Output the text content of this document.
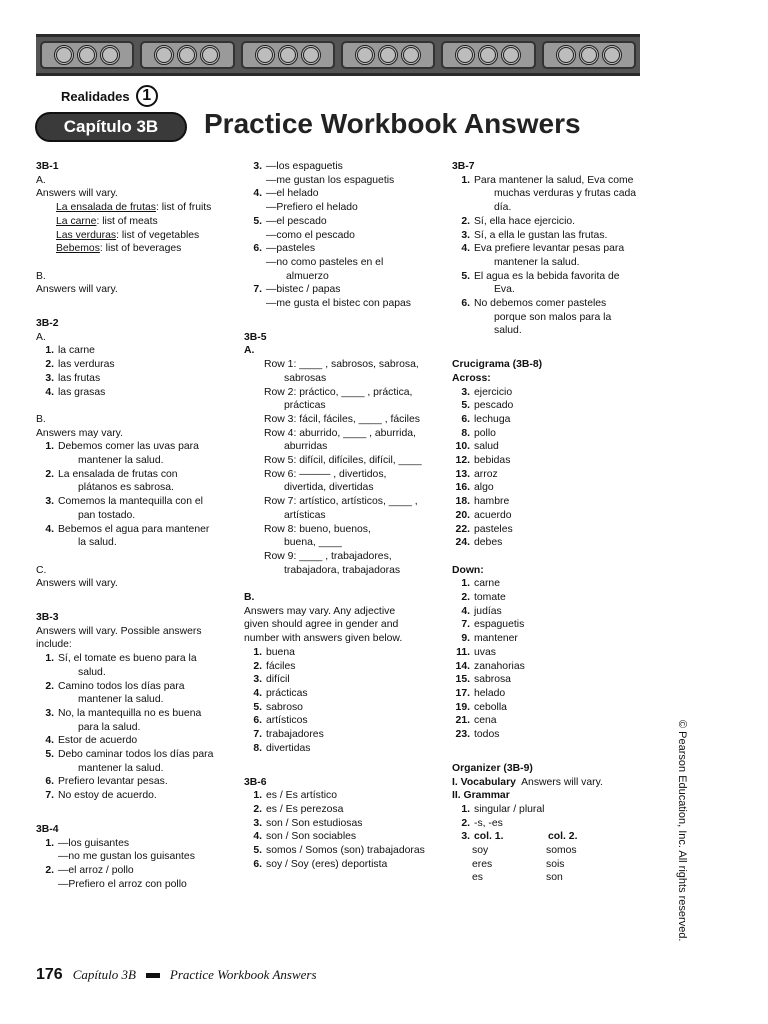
Realidades 1
Capítulo 3B	Practice Workbook Answers
3B-1
A.
Answers will vary.
La ensalada de frutas: list of fruits
La carne: list of meats
Las verduras: list of vegetables
Bebemos: list of beverages
B.
Answers will vary.
3B-2
A.
1. la carne
2. las verduras
3. las frutas
4. las grasas
B.
Answers may vary.
1. Debemos comer las uvas para
mantener la salud.
2. La ensalada de frutas con
plátanos es sabrosa.
3. Comemos la mantequilla con el
pan tostado.
4. Bebemos el agua para mantener
la salud.
C.
Answers will vary.
3B-3
Answers will vary. Possible answers
include:
1. Sí, el tomate es bueno para la
salud.
2. Camino todos los días para
mantener la salud.
3. No, la mantequilla no es buena
para la salud.
4. Estor de acuerdo
5. Debo caminar todos los días para
mantener la salud.
6. Prefiero levantar pesas.
7. No estoy de acuerdo.
3B-4
1. —los guisantes
—no me gustan los guisantes
2. —el arroz / pollo
—Prefiero el arroz con pollo
3. —los espaguetis
—me gustan los espaguetis
4. —el helado
—Prefiero el helado
5. —el pescado
—como el pescado
6. —pasteles
—no como pasteles en el
almuerzo
7. —bistec / papas
—me gusta el bistec con papas
3B-5
A.
Row 1: ____ , sabrosos, sabrosa,
sabrosas
Row 2: práctico, ____ , práctica,
prácticas
Row 3: fácil, fáciles, ____ , fáciles
Row 4: aburrido, ____ , aburrida,
aburridas
Row 5: difícil, difíciles, difícil, ____
Row 6: ——— , divertidos,
divertida, divertidas
Row 7: artístico, artísticos, ____ ,
artísticas
Row 8: bueno, buenos,
buena, ____
Row 9: ____ , trabajadores,
trabajadora, trabajadoras
B.
Answers may vary. Any adjective
given should agree in gender and
number with answers given below.
1. buena
2. fáciles
3. difícil
4. prácticas
5. sabroso
6. artísticos
7. trabajadores
8. divertidas
3B-6
1. es / Es artístico
2. es / Es perezosa
3. son / Son estudiosas
4. son / Son sociables
5. somos / Somos (son) trabajadoras
6. soy / Soy (eres) deportista
3B-7
1. Para mantener la salud, Eva come
muchas verduras y frutas cada
día.
2. Sí, ella hace ejercicio.
3. Sí, a ella le gustan las frutas.
4. Eva prefiere levantar pesas para
mantener la salud.
5. El agua es la bebida favorita de
Eva.
6. No debemos comer pasteles
porque son malos para la
salud.
Crucigrama (3B-8)
Across:
3. ejercicio
5. pescado
6. lechuga
8. pollo
10. salud
12. bebidas
13. arroz
16. algo
18. hambre
20. acuerdo
22. pasteles
24. debes
Down:
1. carne
2. tomate
4. judías
7. espaguetis
9. mantener
11. uvas
14. zanahorias
15. sabrosa
17. helado
19. cebolla
21. cena
23. todos
Organizer (3B-9)
I. Vocabulary Answers will vary.
II. Grammar
1. singular / plural
2. -s, -es
3. col. 1.	col. 2.
soy	somos
eres	sois
es	son	© Pearson Education, Inc. All rights reserved.
176 Capítulo 3B	Practice Workbook Answers
